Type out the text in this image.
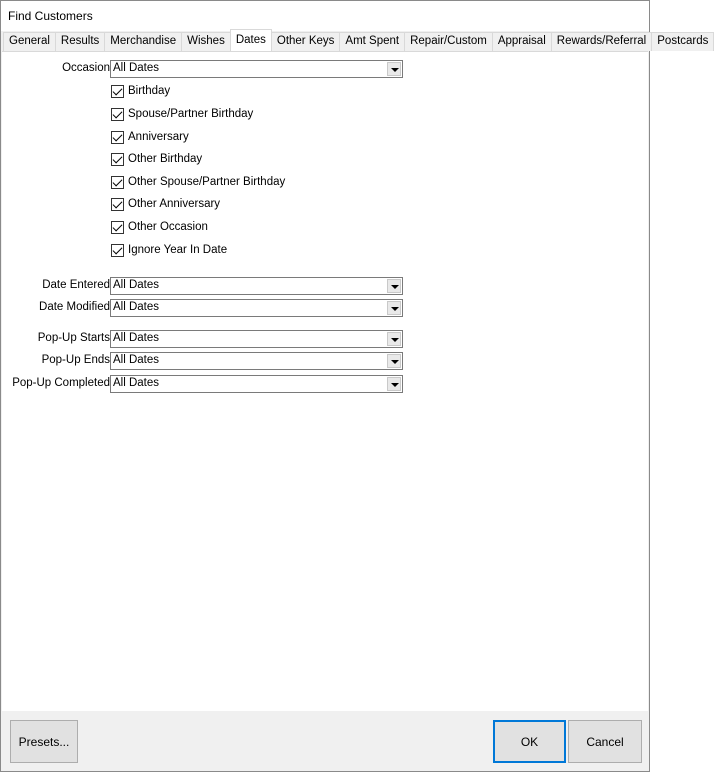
Find Customers
General Results Merchandise Wishes Dates Other Keys Amt Spent Repair/Custom Appraisal Rewards/Referral Postcards
Occasion All Dates
Birthday
Spouse/Partner Birthday
Anniversary
Other Birthday
Other Spouse/Partner Birthday
Other Anniversary
Other Occasion
Ignore Year In Date
Date Entered All Dates
Date Modified All Dates
Pop-Up Starts All Dates
Pop-Up Ends All Dates
Pop-Up Completed All Dates
Presets...	OK	Cancel
